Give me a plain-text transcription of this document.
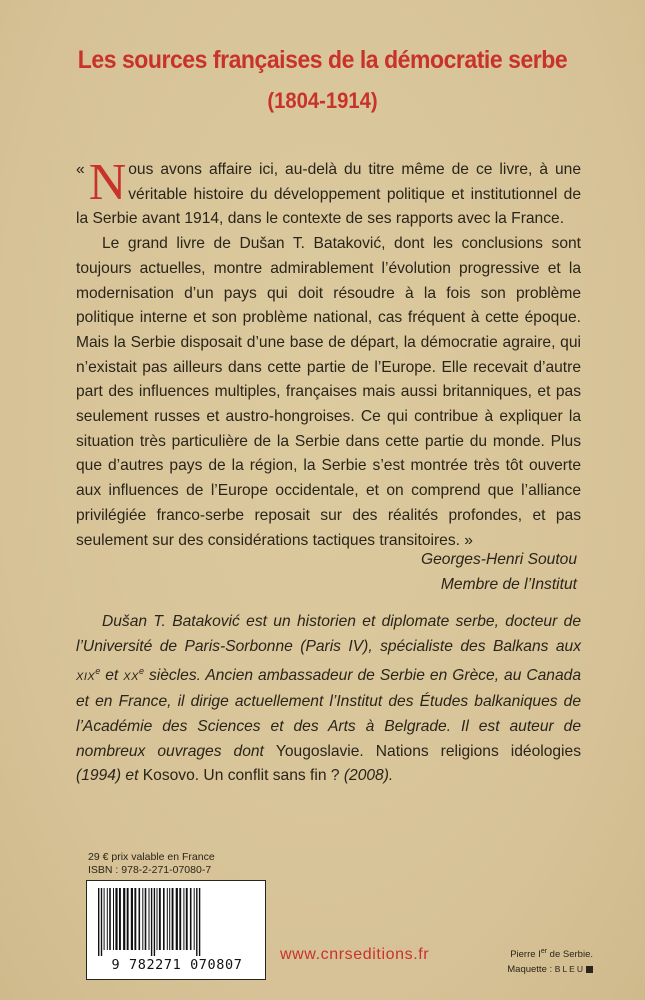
Les sources françaises de la démocratie serbe
(1804-1914)

« N ous avons affaire ici, au-delà du titre même de ce livre, à une véritable histoire du développement politique et institutionnel de la Serbie avant 1914, dans le contexte de ses rapports avec la France.

Le grand livre de Dušan T. Bataković, dont les conclusions sont toujours actuelles, montre admirablement l’évolution progressive et la modernisation d’un pays qui doit résoudre à la fois son problème politique interne et son problème national, cas fréquent à cette époque. Mais la Serbie disposait d’une base de départ, la démocratie agraire, qui n’existait pas ailleurs dans cette partie de l’Europe. Elle recevait d’autre part des influences multiples, françaises mais aussi britanniques, et pas seulement russes et austro-hongroises. Ce qui contribue à expliquer la situation très particulière de la Serbie dans cette partie du monde. Plus que d’autres pays de la région, la Serbie s’est montrée très tôt ouverte aux influences de l’Europe occidentale, et on comprend que l’alliance privilégiée franco-serbe reposait sur des réalités profondes, et pas seulement sur des considérations tactiques transitoires. »

Georges-Henri Soutou
Membre de l’Institut
Dušan T. Bataković est un historien et diplomate serbe, docteur de l’Université de Paris-Sorbonne (Paris IV), spécialiste des Balkans aux XIXe et XXe siècles. Ancien ambassadeur de Serbie en Grèce, au Canada et en France, il dirige actuellement l’Institut des Études balkaniques de l’Académie des Sciences et des Arts à Belgrade. Il est auteur de nombreux ouvrages dont Yougoslavie. Nations religions idéologies (1994) et Kosovo. Un conflit sans fin ? (2008).
29 € prix valable en France
ISBN : 978-2-271-07080-7
9 782271 070807
www.cnrseditions.fr	Pierre Ier de Serbie.
Maquette : BLEU
